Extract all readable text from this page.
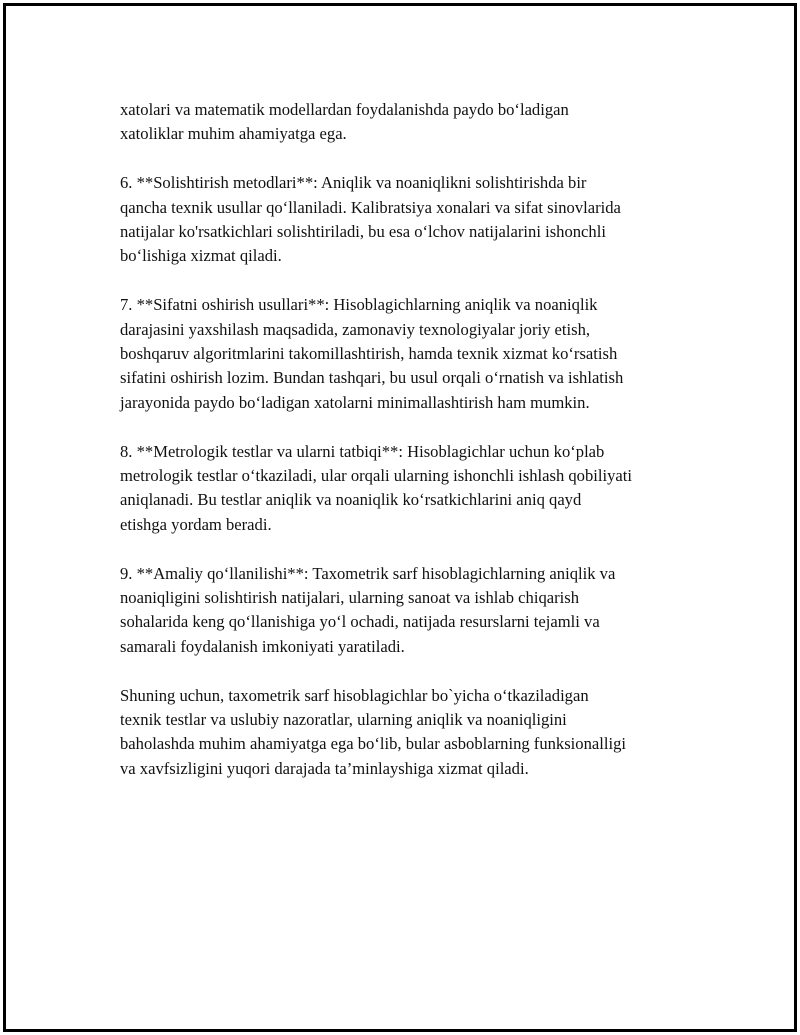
xatolari va matematik modellardan foydalanishda paydo bo‘ladigan
xatoliklar muhim ahamiyatga ega.

6. **Solishtirish metodlari**: Aniqlik va noaniqlikni solishtirishda bir
qancha texnik usullar qo‘llaniladi. Kalibratsiya xonalari va sifat sinovlarida
natijalar ko'rsatkichlari solishtiriladi, bu esa o‘lchov natijalarini ishonchli
bo‘lishiga xizmat qiladi.

7. **Sifatni oshirish usullari**: Hisoblagichlarning aniqlik va noaniqlik
darajasini yaxshilash maqsadida, zamonaviy texnologiyalar joriy etish,
boshqaruv algoritmlarini takomillashtirish, hamda texnik xizmat ko‘rsatish
sifatini oshirish lozim. Bundan tashqari, bu usul orqali o‘rnatish va ishlatish
jarayonida paydo bo‘ladigan xatolarni minimallashtirish ham mumkin.

8. **Metrologik testlar va ularni tatbiqi**: Hisoblagichlar uchun ko‘plab
metrologik testlar o‘tkaziladi, ular orqali ularning ishonchli ishlash qobiliyati
aniqlanadi. Bu testlar aniqlik va noaniqlik ko‘rsatkichlarini aniq qayd
etishga yordam beradi.

9. **Amaliy qo‘llanilishi**: Taxometrik sarf hisoblagichlarning aniqlik va
noaniqligini solishtirish natijalari, ularning sanoat va ishlab chiqarish
sohalarida keng qo‘llanishiga yo‘l ochadi, natijada resurslarni tejamli va
samarali foydalanish imkoniyati yaratiladi.

Shuning uchun, taxometrik sarf hisoblagichlar bo`yicha o‘tkaziladigan
texnik testlar va uslubiy nazoratlar, ularning aniqlik va noaniqligini
baholashda muhim ahamiyatga ega bo‘lib, bular asboblarning funksionalligi
va xavfsizligini yuqori darajada ta’minlayshiga xizmat qiladi.
